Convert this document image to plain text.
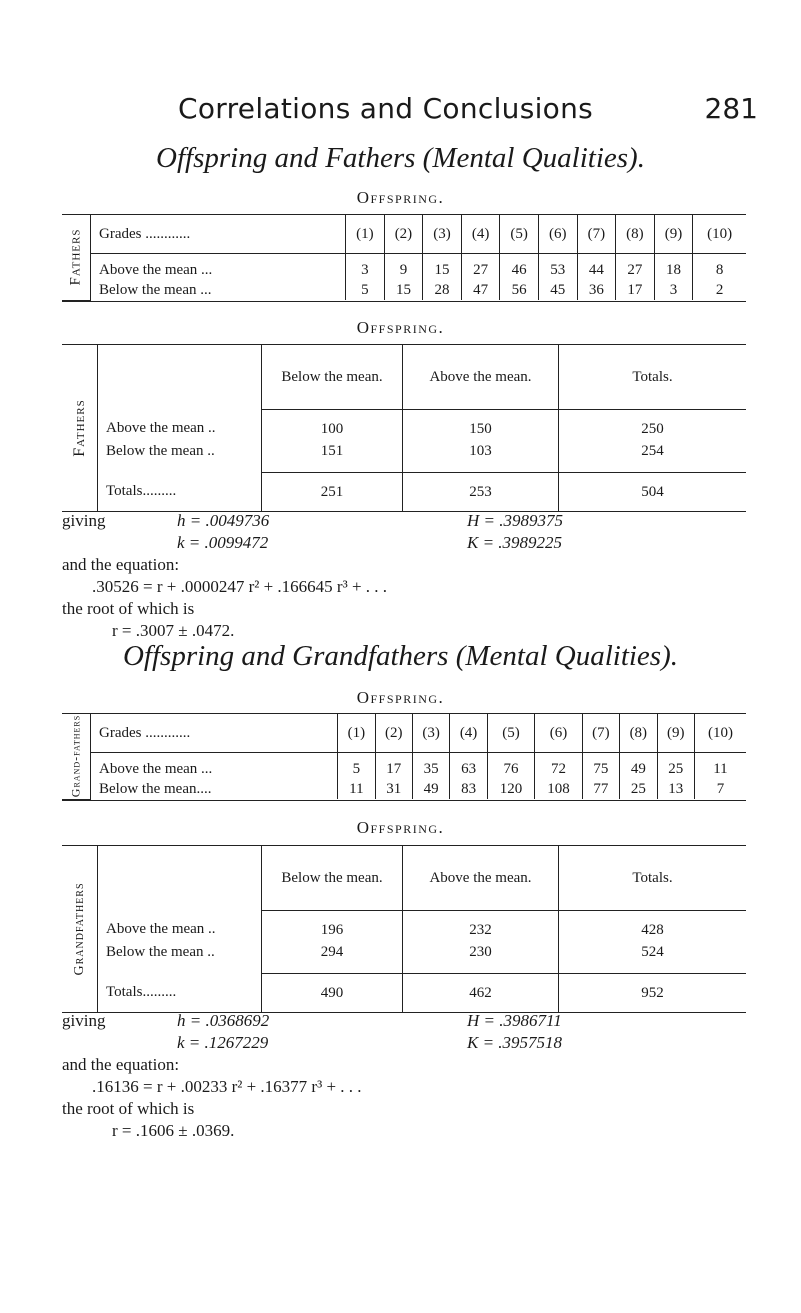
Correlations and Conclusions	281
Offspring and Fathers (Mental Qualities).
Offspring.
Fathers	Grades ............	(1)	(2)	(3)	(4)	(5)	(6)	(7)	(8)	(9)	(10)
	Above the mean ...	3	9	15	27	46	53	44	27	18	8
	Below the mean ...	5	15	28	47	56	45	36	17	3	2
Offspring.
Fathers		Below the mean.	Above the mean.	Totals.
	Above the mean ..	100	150	250
	Below the mean ..	151	103	254
	Totals.........	251	253	504
giving	h = .0049736	H = .3989375
k = .0099472	K = .3989225
and the equation:
.30526 = r + .0000247 r² + .166645 r³ + . . .
the root of which is
r = .3007 ± .0472.
Offspring and Grandfathers (Mental Qualities).
Offspring.
Grand-fathers	Grades ............	(1)	(2)	(3)	(4)	(5)	(6)	(7)	(8)	(9)	(10)
	Above the mean ...	5	17	35	63	76	72	75	49	25	11
	Below the mean....	11	31	49	83	120	108	77	25	13	7
Offspring.
Grandfathers		Below the mean.	Above the mean.	Totals.
	Above the mean ..	196	232	428
	Below the mean ..	294	230	524
	Totals.........	490	462	952
giving	h = .0368692	H = .3986711
k = .1267229	K = .3957518
and the equation:
.16136 = r + .00233 r² + .16377 r³ + . . .
the root of which is
r = .1606 ± .0369.
